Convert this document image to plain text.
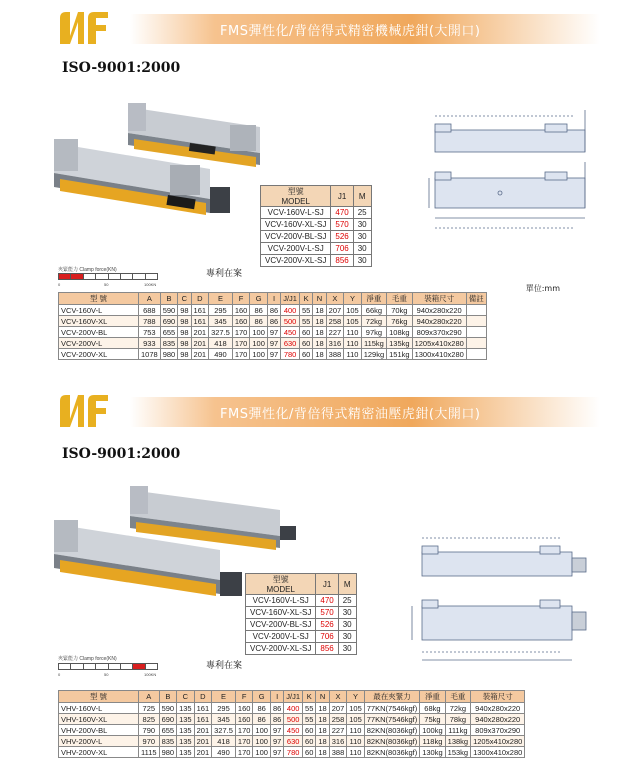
FMS彈性化/背倍得式精密機械虎鉗(大開口)
ISO-9001:2000
型號
MODEL	J1	M
VCV-160V-L-SJ	470	25
VCV-160V-XL-SJ	570	30
VCV-200V-BL-SJ	526	30
VCV-200V-L-SJ	706	30
VCV-200V-XL-SJ	856	30
夾緊能力 Clamp force(KN)
0	50	100KN
專利在案
單位:mm
型 號	A	B	C	D	E	F	G	I	J/J1	K	N	X	Y	淨重	毛重	裝箱尺寸	備註
VCV-160V-L	688	590	98	161	295	160	86	86	400	55	18	207	105	66kg	70kg	940x280x220	
VCV-160V-XL	788	690	98	161	345	160	86	86	500	55	18	258	105	72kg	76kg	940x280x220	
VCV-200V-BL	753	655	98	201	327.5	170	100	97	450	60	18	227	110	97kg	108kg	809x370x290	
VCV-200V-L	933	835	98	201	418	170	100	97	630	60	18	316	110	115kg	135kg	1205x410x280	
VCV-200V-XL	1078	980	98	201	490	170	100	97	780	60	18	388	110	129kg	151kg	1300x410x280	
FMS彈性化/背倍得式精密油壓虎鉗(大開口)
ISO-9001:2000
型號
MODEL	J1	M
VCV-160V-L-SJ	470	25
VCV-160V-XL-SJ	570	30
VCV-200V-BL-SJ	526	30
VCV-200V-L-SJ	706	30
VCV-200V-XL-SJ	856	30
夾緊能力 Clamp force(KN)
0	50	100KN
專利在案
型 號	A	B	C	D	E	F	G	I	J/J1	K	N	X	Y	最在夾緊力	淨重	毛重	裝箱尺寸
VHV-160V-L	725	590	135	161	295	160	86	86	400	55	18	207	105	77KN(7546kgf)	68kg	72kg	940x280x220
VHV-160V-XL	825	690	135	161	345	160	86	86	500	55	18	258	105	77KN(7546kgf)	75kg	78kg	940x280x220
VHV-200V-BL	790	655	135	201	327.5	170	100	97	450	60	18	227	110	82KN(8036kgf)	100kg	111kg	809x370x290
VHV-200V-L	970	835	135	201	418	170	100	97	630	60	18	316	110	82KN(8036kgf)	118kg	138kg	1205x410x280
VHV-200V-XL	1115	980	135	201	490	170	100	97	780	60	18	388	110	82KN(8036kgf)	130kg	153kg	1300x410x280
